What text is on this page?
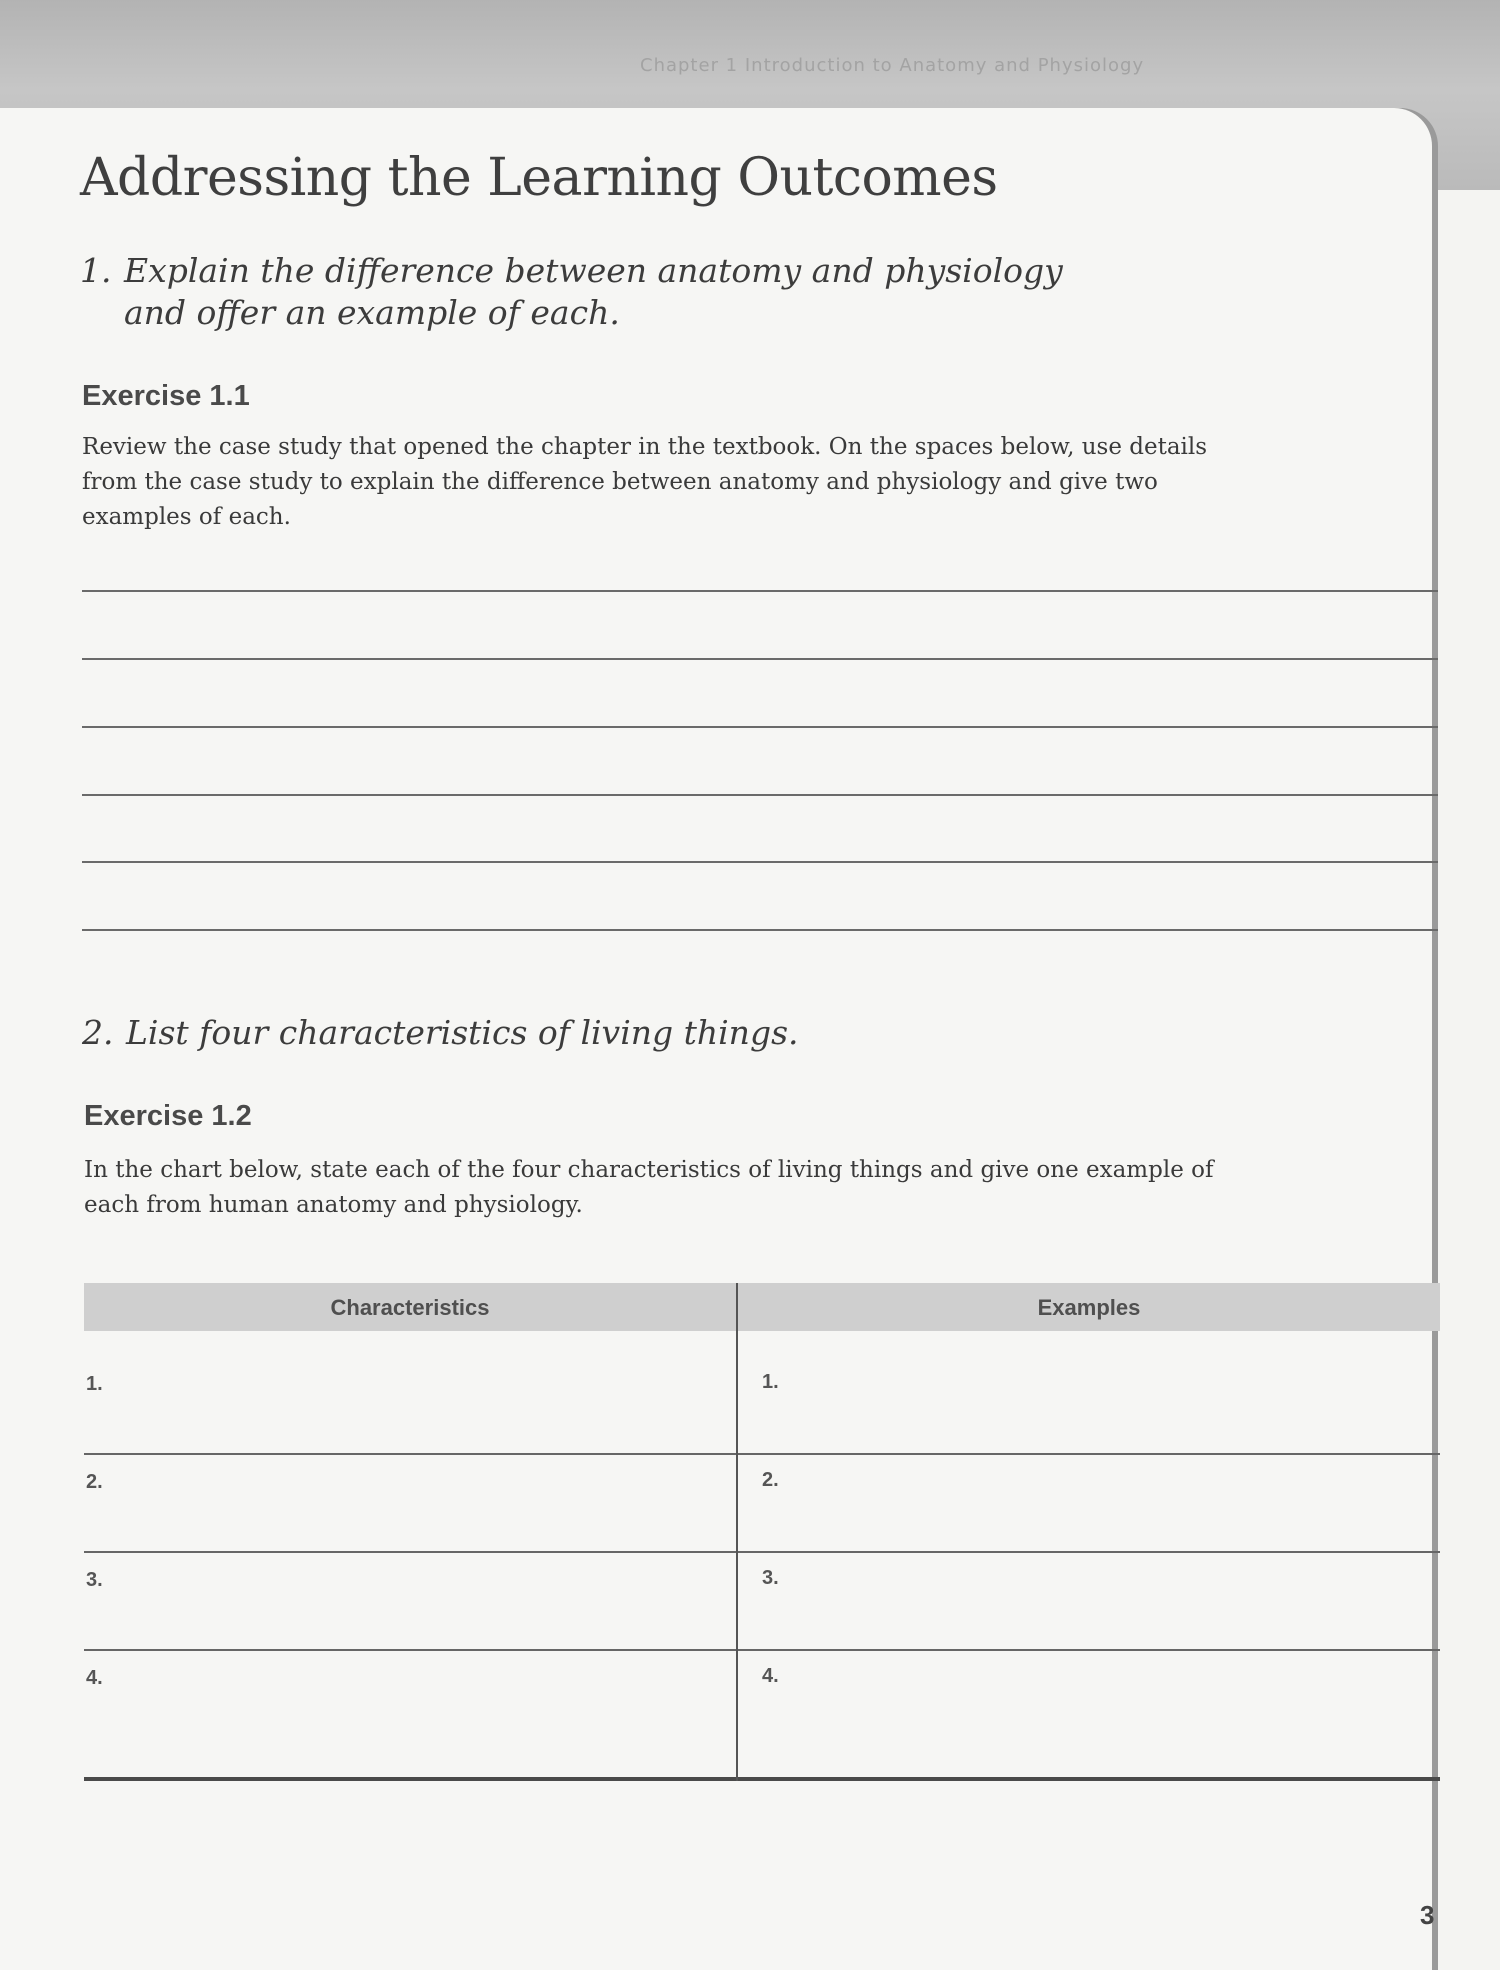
Chapter 1 Introduction to Anatomy and Physiology
Addressing the Learning Outcomes
1. Explain the difference between anatomy and physiology
and offer an example of each.
Exercise 1.1
Review the case study that opened the chapter in the textbook. On the spaces below, use details
from the case study to explain the difference between anatomy and physiology and give two
examples of each.
2. List four characteristics of living things.
Exercise 1.2
In the chart below, state each of the four characteristics of living things and give one example of
each from human anatomy and physiology.
Characteristics	Examples
1.
2.
3.
4.
1.
2.
3.
4.
3
